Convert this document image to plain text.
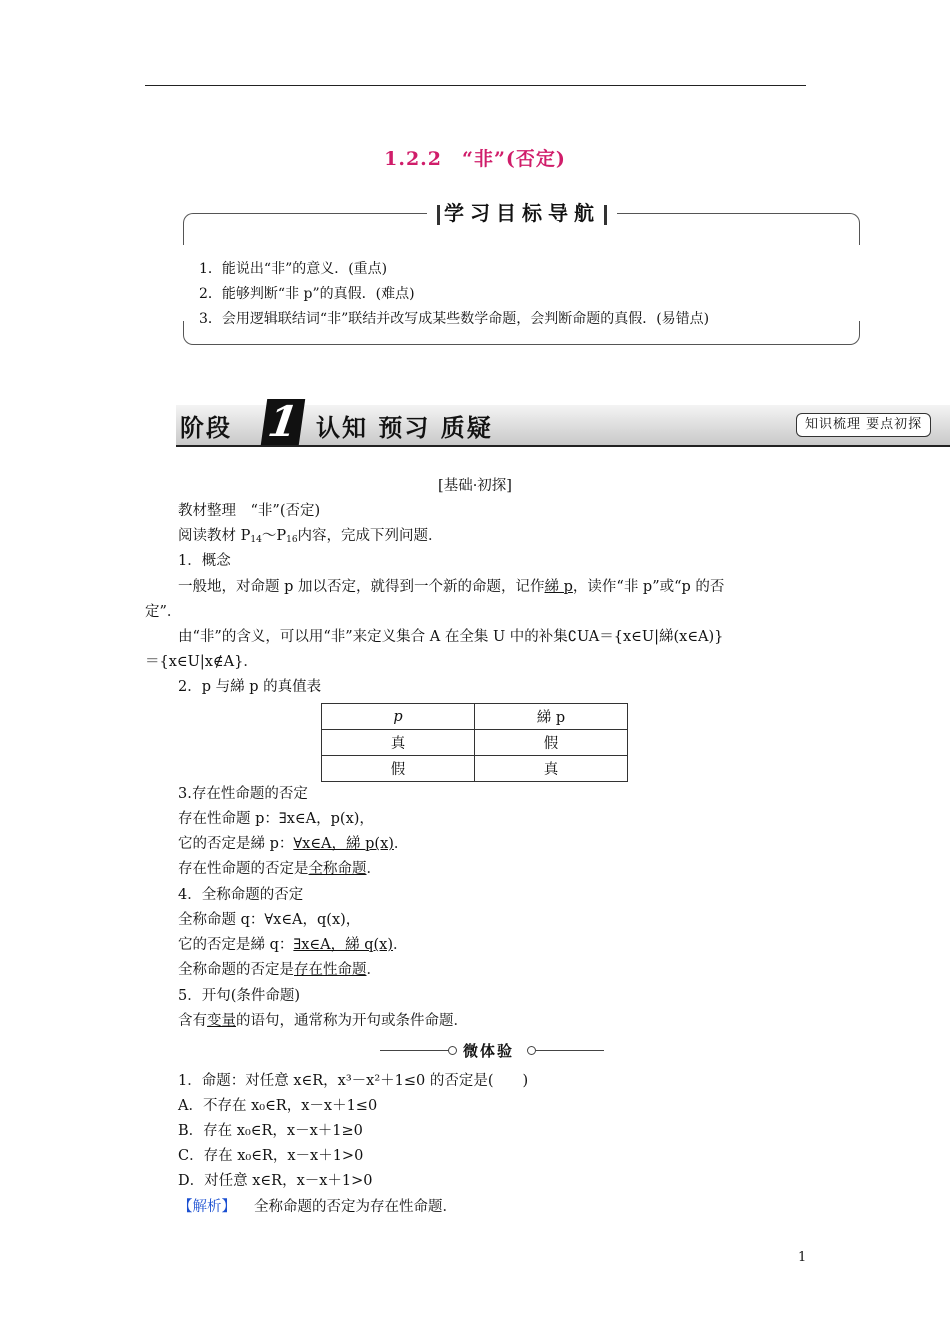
1.2.2　“非”(否定)
学习目标导航
1．能说出“非”的意义．(重点)
2．能够判断“非 p”的真假．(难点)
3．会用逻辑联结词“非”联结并改写成某些数学命题，会判断命题的真假．(易错点)
阶段 1 认知 预习 质疑	知识梳理 要点初探
[基础·初探]
教材整理　“非”(否定)
阅读教材 $P_{14}\sim P_{16}$内容，完成下列问题．
1．概念
一般地，对命题 p 加以否定，就得到一个新的命题，记作綈 p，读作“非 p”或“p 的否
定”．
由“非”的含义，可以用“非”来定义集合 A 在全集 U 中的补集∁UA＝{x∈U|綈(x∈A)}
＝{x∈U|x∉A}．
2．p 与綈 p 的真值表
p	綈 p
真	假
假	真
3.存在性命题的否定
存在性命题 p：∃x∈A，p(x)，
它的否定是綈 p：∀x∈A，綈 p(x)．
存在性命题的否定是全称命题．
4．全称命题的否定
全称命题 q：∀x∈A，q(x)，
它的否定是綈 q：∃x∈A，綈 q(x)．
全称命题的否定是存在性命题．
5．开句(条件命题)
含有变量的语句，通常称为开句或条件命题．
微体验
1．命题：对任意 x∈R，x³－x²＋1≤0 的否定是(　　)
A．不存在 x₀∈R，x－x＋1≤0
B．存在 x₀∈R，x－x＋1≥0
C．存在 x₀∈R，x－x＋1>0
D．对任意 x∈R，x－x＋1>0
【解析】 全称命题的否定为存在性命题．
1
